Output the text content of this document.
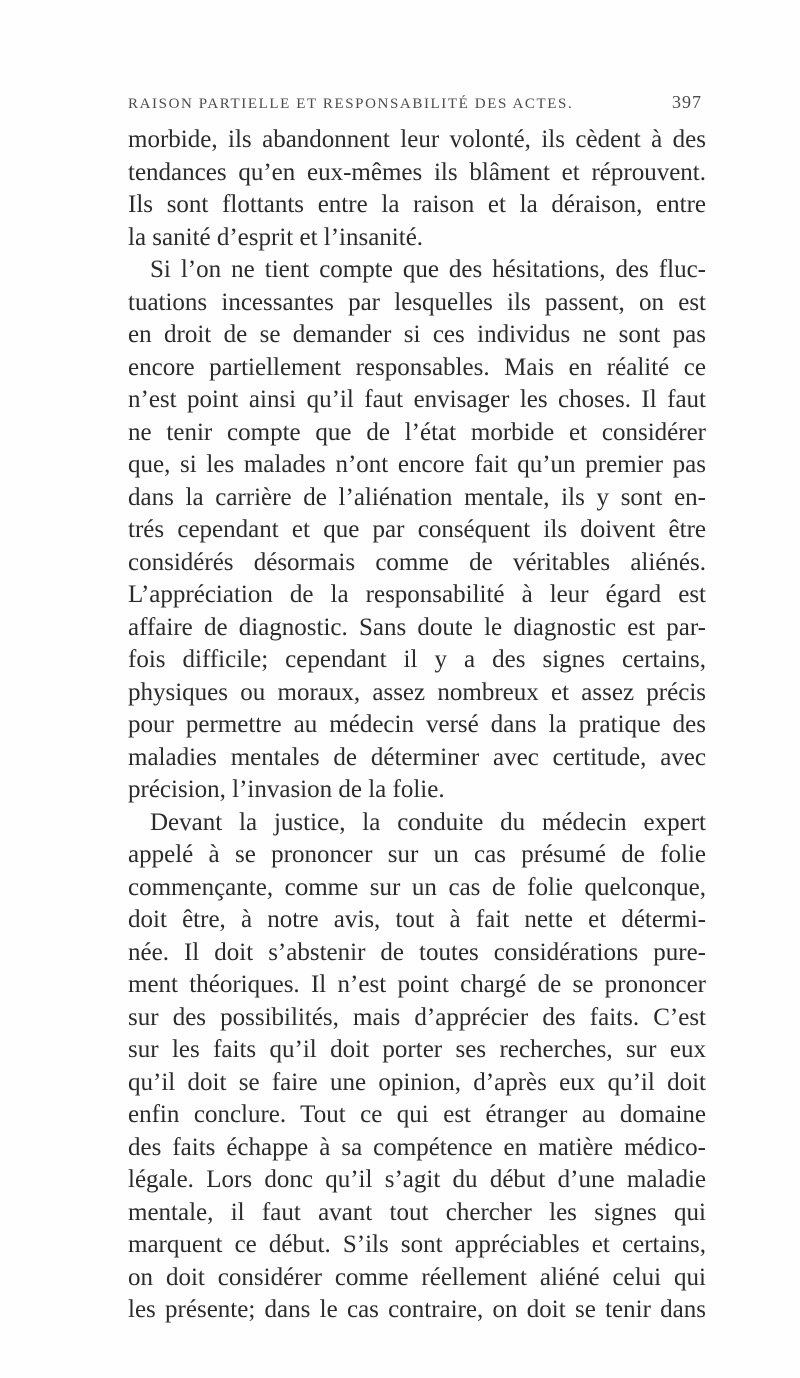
RAISON PARTIELLE ET RESPONSABILITÉ DES ACTES.	397
morbide, ils abandonnent leur volonté, ils cèdent à des
tendances qu’en eux-mêmes ils blâment et réprouvent.
Ils sont flottants entre la raison et la déraison, entre
la sanité d’esprit et l’insanité.
Si l’on ne tient compte que des hésitations, des fluc-
tuations incessantes par lesquelles ils passent, on est
en droit de se demander si ces individus ne sont pas
encore partiellement responsables. Mais en réalité ce
n’est point ainsi qu’il faut envisager les choses. Il faut
ne tenir compte que de l’état morbide et considérer
que, si les malades n’ont encore fait qu’un premier pas
dans la carrière de l’aliénation mentale, ils y sont en-
trés cependant et que par conséquent ils doivent être
considérés désormais comme de véritables aliénés.
L’appréciation de la responsabilité à leur égard est
affaire de diagnostic. Sans doute le diagnostic est par-
fois difficile; cependant il y a des signes certains,
physiques ou moraux, assez nombreux et assez précis
pour permettre au médecin versé dans la pratique des
maladies mentales de déterminer avec certitude, avec
précision, l’invasion de la folie.
Devant la justice, la conduite du médecin expert
appelé à se prononcer sur un cas présumé de folie
commençante, comme sur un cas de folie quelconque,
doit être, à notre avis, tout à fait nette et détermi-
née. Il doit s’abstenir de toutes considérations pure-
ment théoriques. Il n’est point chargé de se prononcer
sur des possibilités, mais d’apprécier des faits. C’est
sur les faits qu’il doit porter ses recherches, sur eux
qu’il doit se faire une opinion, d’après eux qu’il doit
enfin conclure. Tout ce qui est étranger au domaine
des faits échappe à sa compétence en matière médico-
légale. Lors donc qu’il s’agit du début d’une maladie
mentale, il faut avant tout chercher les signes qui
marquent ce début. S’ils sont appréciables et certains,
on doit considérer comme réellement aliéné celui qui
les présente; dans le cas contraire, on doit se tenir dans
